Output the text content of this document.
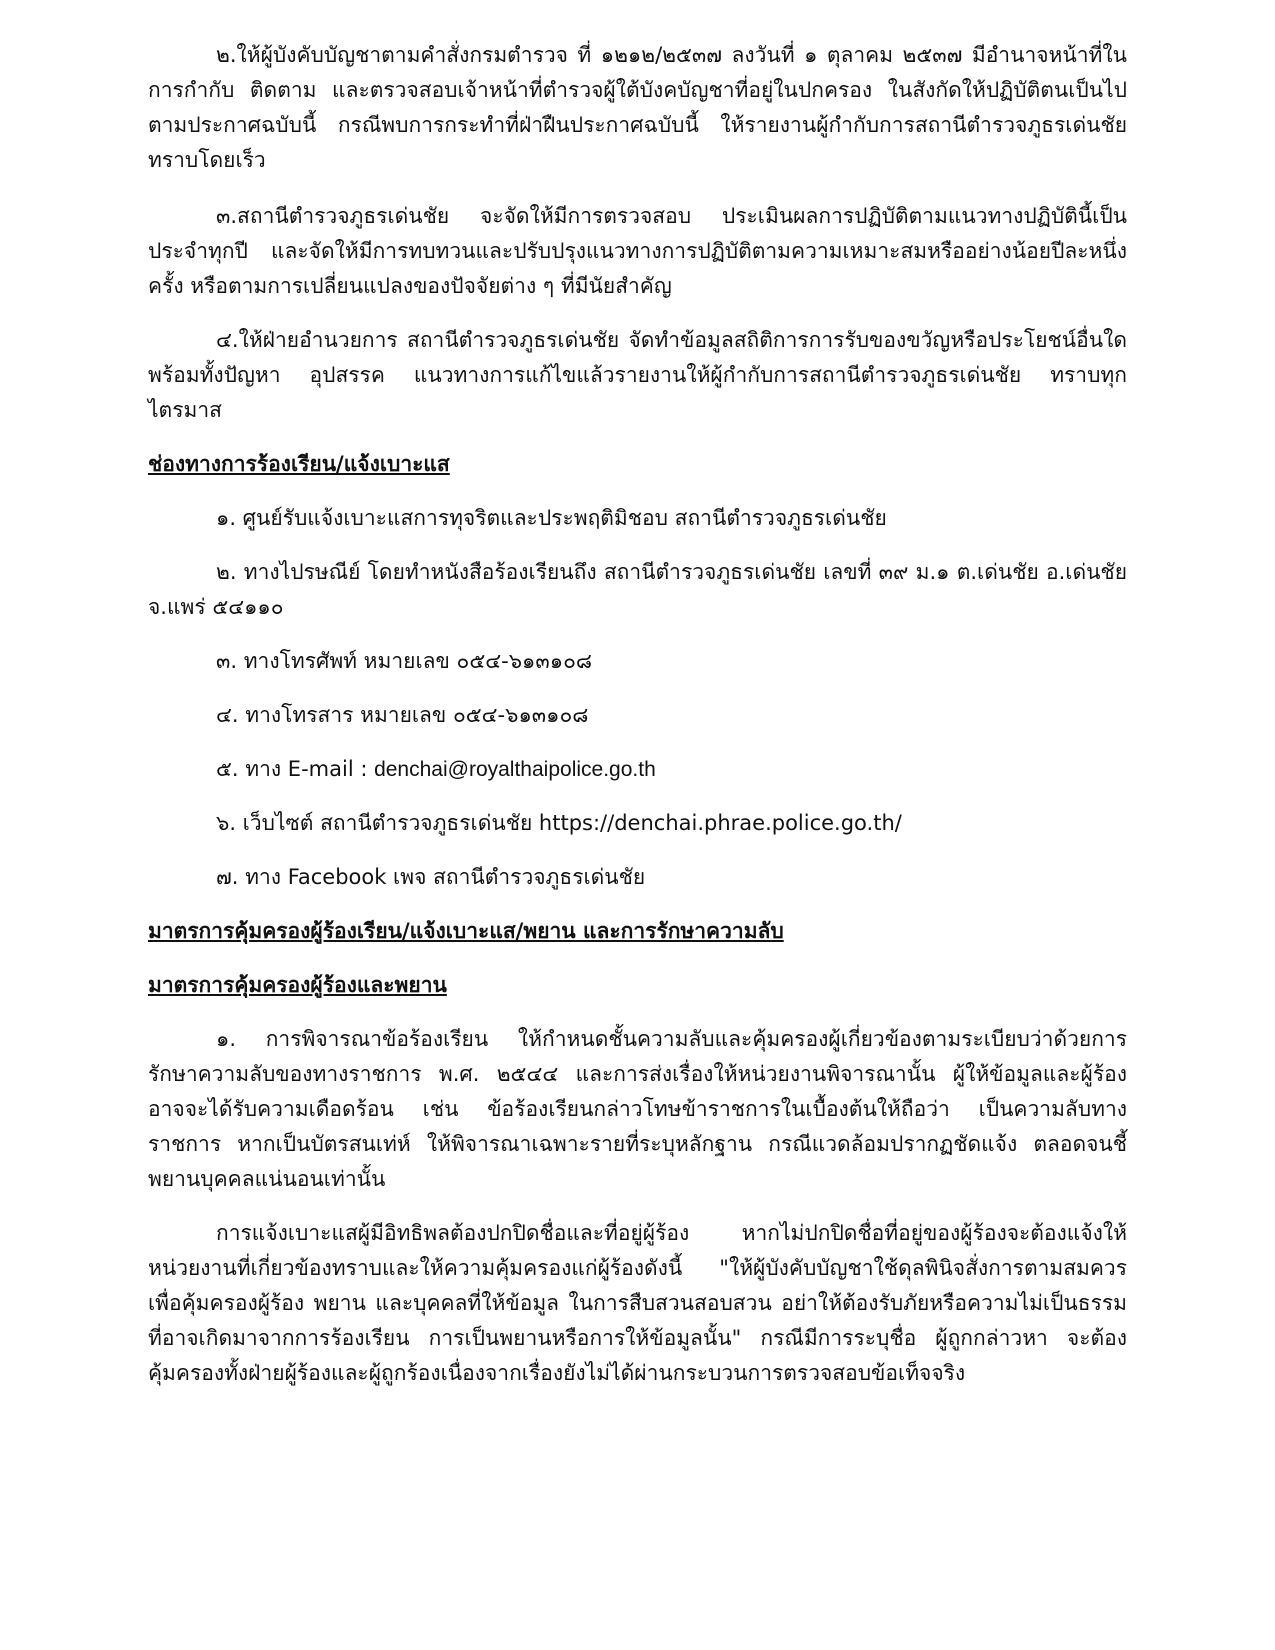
๒.ให้ผู้บังคับบัญชาตามคำสั่งกรมตำรวจ ที่ ๑๒๑๒/๒๕๓๗ ลงวันที่ ๑ ตุลาคม ๒๕๓๗ มีอำนาจหน้าที่ในการกำกับ ติดตาม และตรวจสอบเจ้าหน้าที่ตำรวจผู้ใต้บังคบัญชาที่อยู่ในปกครอง ในสังกัดให้ปฏิบัติตนเป็นไปตามประกาศฉบับนี้ กรณีพบการกระทำที่ฝ่าฝืนประกาศฉบับนี้ ให้รายงานผู้กำกับการสถานีตำรวจภูธรเด่นชัย ทราบโดยเร็ว

๓.สถานีตำรวจภูธรเด่นชัย จะจัดให้มีการตรวจสอบ ประเมินผลการปฏิบัติตามแนวทางปฏิบัตินี้เป็นประจำทุกปี และจัดให้มีการทบทวนและปรับปรุงแนวทางการปฏิบัติตามความเหมาะสมหรืออย่างน้อยปีละหนึ่งครั้ง หรือตามการเปลี่ยนแปลงของปัจจัยต่าง ๆ ที่มีนัยสำคัญ

๔.ให้ฝ่ายอำนวยการ สถานีตำรวจภูธรเด่นชัย จัดทำข้อมูลสถิติการการรับของขวัญหรือประโยชน์อื่นใดพร้อมทั้งปัญหา อุปสรรค แนวทางการแก้ไขแล้วรายงานให้ผู้กำกับการสถานีตำรวจภูธรเด่นชัย ทราบทุกไตรมาส

ช่องทางการร้องเรียน/แจ้งเบาะแส

๑. ศูนย์รับแจ้งเบาะแสการทุจริตและประพฤติมิชอบ สถานีตำรวจภูธรเด่นชัย

๒. ทางไปรษณีย์ โดยทำหนังสือร้องเรียนถึง สถานีตำรวจภูธรเด่นชัย เลขที่ ๓๙ ม.๑ ต.เด่นชัย อ.เด่นชัย จ.แพร่ ๕๔๑๑๐

๓. ทางโทรศัพท์ หมายเลข ๐๕๔-๖๑๓๑๐๘

๔. ทางโทรสาร หมายเลข ๐๕๔-๖๑๓๑๐๘

๕. ทาง E-mail : denchai@royalthaipolice.go.th

๖. เว็บไซต์ สถานีตำรวจภูธรเด่นชัย https://denchai.phrae.police.go.th/

๗. ทาง Facebook เพจ สถานีตำรวจภูธรเด่นชัย

มาตรการคุ้มครองผู้ร้องเรียน/แจ้งเบาะแส/พยาน และการรักษาความลับ

มาตรการคุ้มครองผู้ร้องและพยาน

๑. การพิจารณาข้อร้องเรียน ให้กำหนดชั้นความลับและคุ้มครองผู้เกี่ยวข้องตามระเบียบว่าด้วยการรักษาความลับของทางราชการ พ.ศ. ๒๕๔๔ และการส่งเรื่องให้หน่วยงานพิจารณานั้น ผู้ให้ข้อมูลและผู้ร้อง อาจจะได้รับความเดือดร้อน เช่น ข้อร้องเรียนกล่าวโทษข้าราชการในเบื้องต้นให้ถือว่า เป็นความลับทางราชการ หากเป็นบัตรสนเท่ห์ ให้พิจารณาเฉพาะรายที่ระบุหลักฐาน กรณีแวดล้อมปรากฏชัดแจ้ง ตลอดจนชี้พยานบุคคลแน่นอนเท่านั้น

การแจ้งเบาะแสผู้มีอิทธิพลต้องปกปิดชื่อและที่อยู่ผู้ร้อง หากไม่ปกปิดชื่อที่อยู่ของผู้ร้องจะต้องแจ้งให้หน่วยงานที่เกี่ยวข้องทราบและให้ความคุ้มครองแก่ผู้ร้องดังนี้ "ให้ผู้บังคับบัญชาใช้ดุลพินิจสั่งการตามสมควรเพื่อคุ้มครองผู้ร้อง พยาน และบุคคลที่ให้ข้อมูล ในการสืบสวนสอบสวน อย่าให้ต้องรับภัยหรือความไม่เป็นธรรม ที่อาจเกิดมาจากการร้องเรียน การเป็นพยานหรือการให้ข้อมูลนั้น" กรณีมีการระบุชื่อ ผู้ถูกกล่าวหา จะต้องคุ้มครองทั้งฝ่ายผู้ร้องและผู้ถูกร้องเนื่องจากเรื่องยังไม่ได้ผ่านกระบวนการตรวจสอบข้อเท็จจริง
